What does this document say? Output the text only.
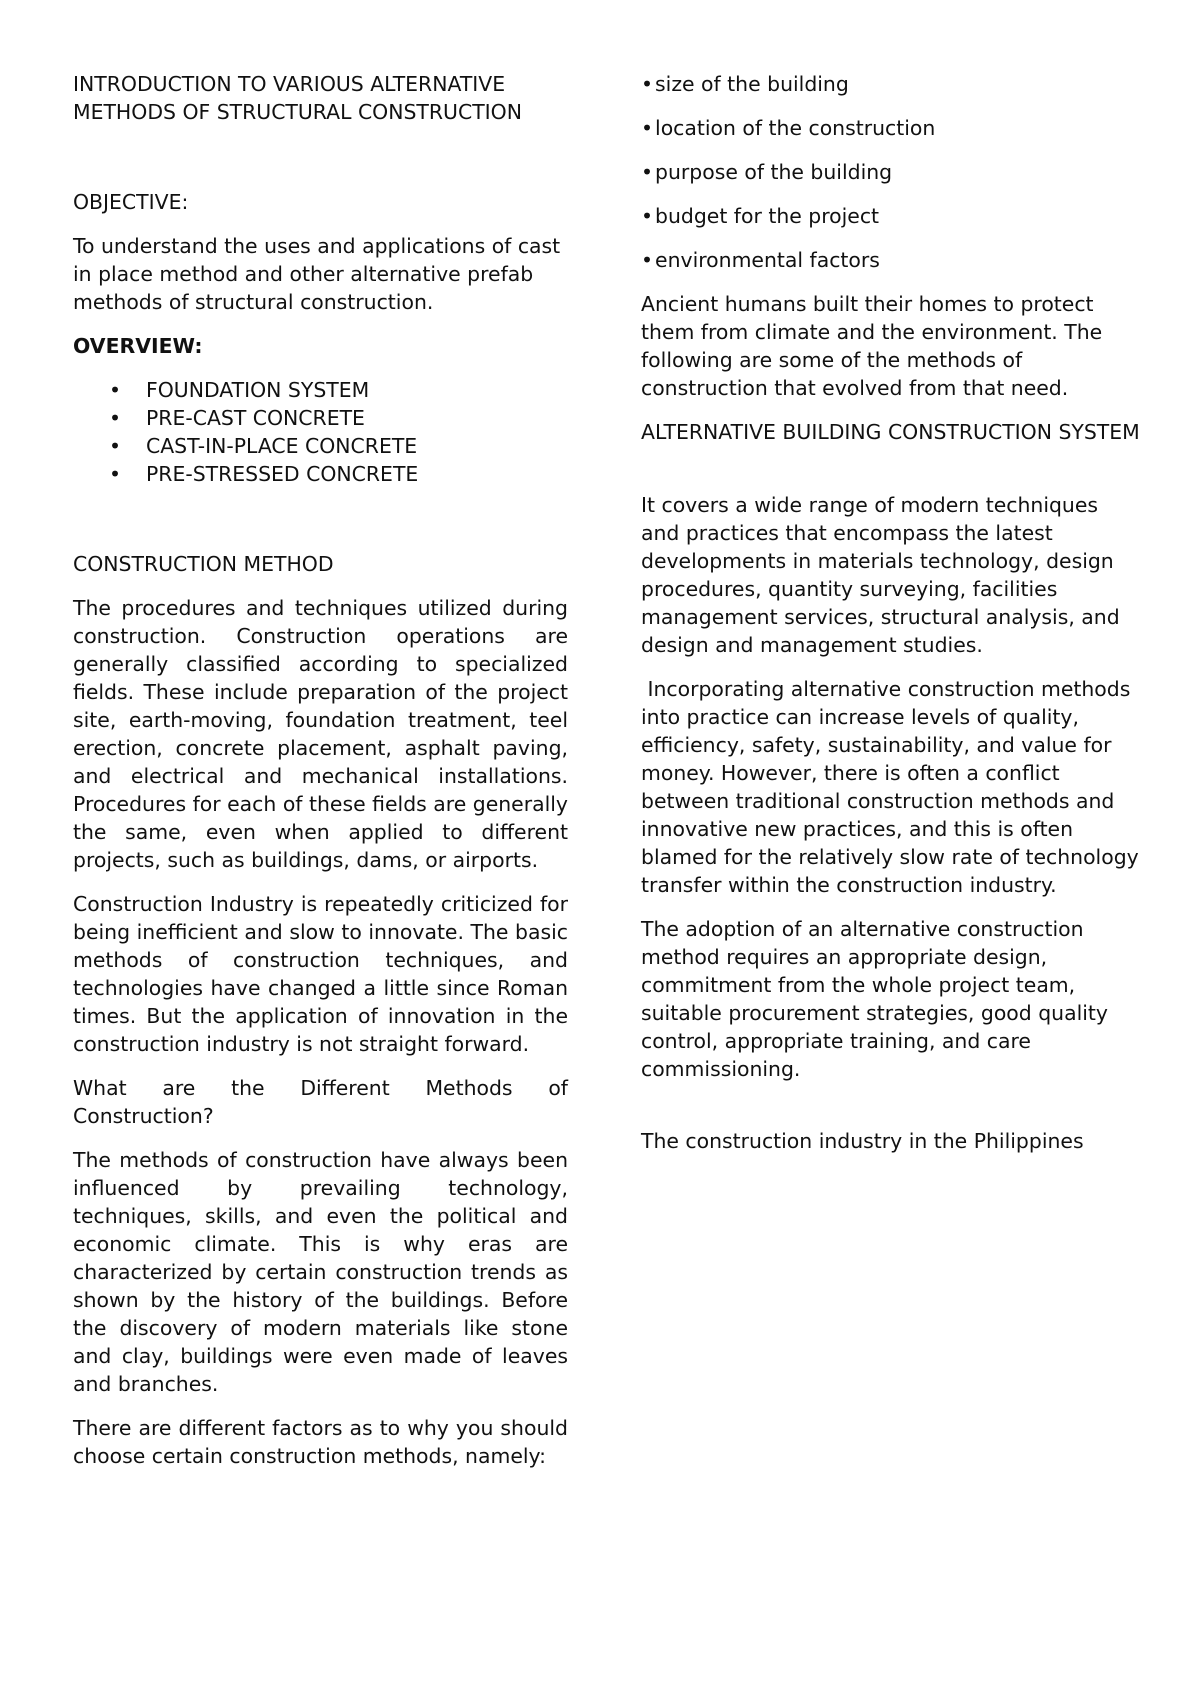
INTRODUCTION TO VARIOUS ALTERNATIVE

METHODS OF STRUCTURAL CONSTRUCTION

OBJECTIVE:

To understand the uses and applications of cast in place method and other alternative prefab methods of structural construction.

OVERVIEW:

• FOUNDATION SYSTEM
• PRE-CAST CONCRETE
• CAST-IN-PLACE CONCRETE
• PRE-STRESSED CONCRETE

CONSTRUCTION METHOD

The procedures and techniques utilized during construction. Construction operations are generally classified according to specialized fields. These include preparation of the project site, earth-moving, foundation treatment, teel erection, concrete placement, asphalt paving, and electrical and mechanical installations. Procedures for each of these fields are generally the same, even when applied to different projects, such as buildings, dams, or airports.

Construction Industry is repeatedly criticized for being inefficient and slow to innovate. The basic methods of construction techniques, and technologies have changed a little since Roman times. But the application of innovation in the construction industry is not straight forward.

What are the Different Methods of Construction?

The methods of construction have always been influenced by prevailing technology, techniques, skills, and even the political and economic climate. This is why eras are characterized by certain construction trends as shown by the history of the buildings. Before the discovery of modern materials like stone and clay, buildings were even made of leaves and branches.

There are different factors as to why you should choose certain construction methods, namely:

•size of the building
•location of the construction
•purpose of the building
•budget for the project
•environmental factors

Ancient humans built their homes to protect them from climate and the environment. The following are some of the methods of construction that evolved from that need.

ALTERNATIVE BUILDING CONSTRUCTION SYSTEM

It covers a wide range of modern techniques and practices that encompass the latest developments in materials technology, design procedures, quantity surveying, facilities management services, structural analysis, and design and management studies.

Incorporating alternative construction methods into practice can increase levels of quality, efficiency, safety, sustainability, and value for money. However, there is often a conflict between traditional construction methods and innovative new practices, and this is often blamed for the relatively slow rate of technology transfer within the construction industry.

The adoption of an alternative construction method requires an appropriate design, commitment from the whole project team, suitable procurement strategies, good quality control, appropriate training, and care commissioning.

The construction industry in the Philippines
